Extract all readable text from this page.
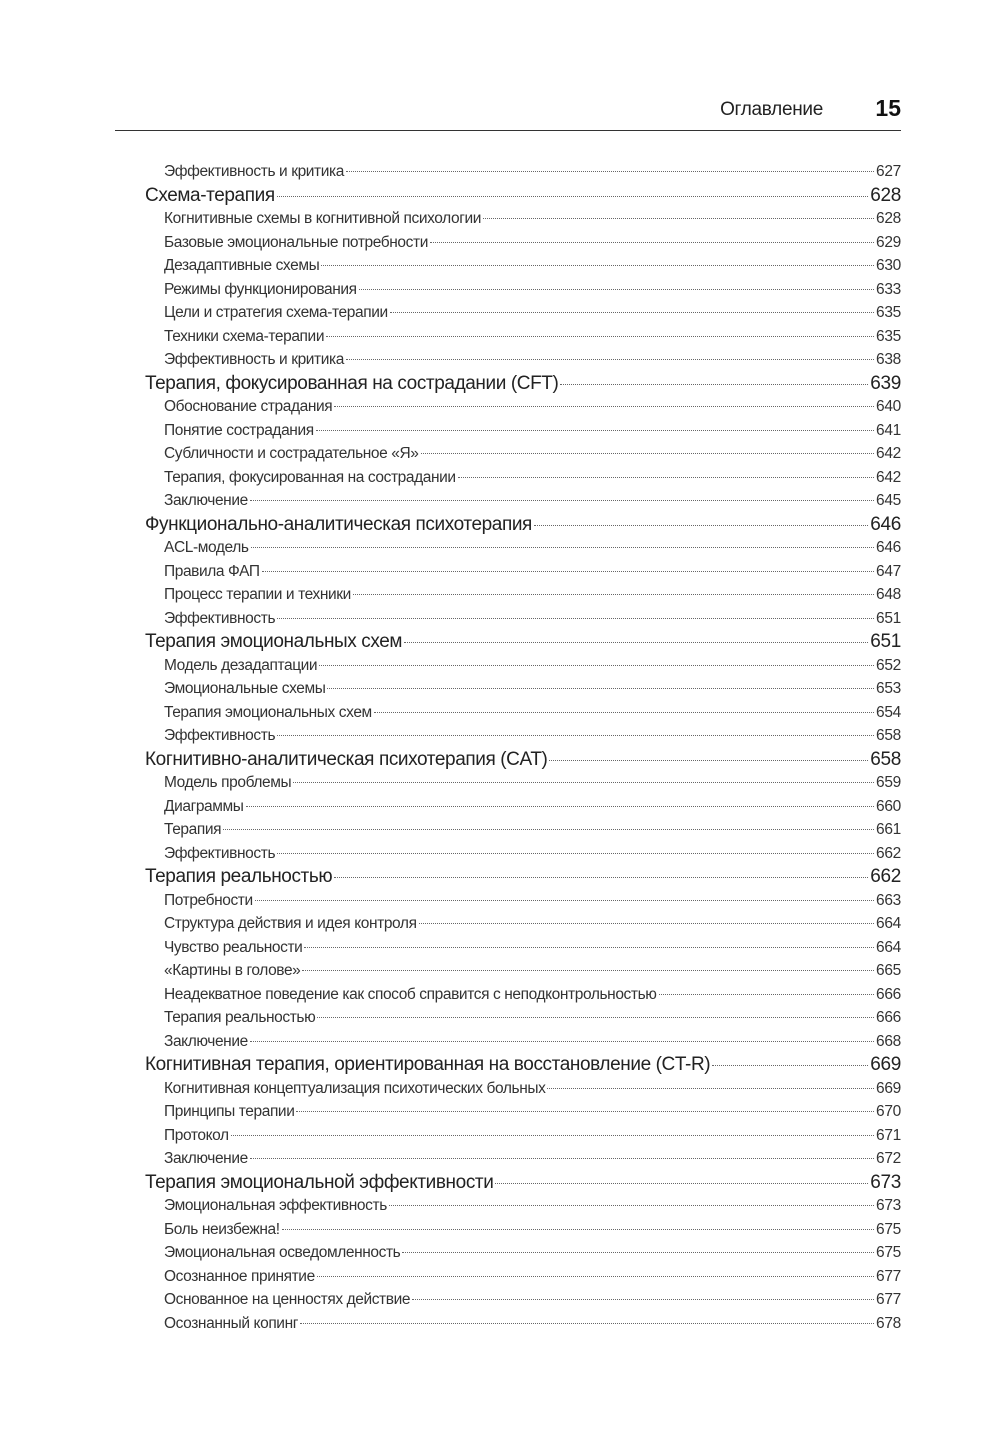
Оглавление 15
Эффективность и критика	627
Схема-терапия	628
Когнитивные схемы в когнитивной психологии	628
Базовые эмоциональные потребности	629
Дезадаптивные схемы	630
Режимы функционирования	633
Цели и стратегия схема-терапии	635
Техники схема-терапии	635
Эффективность и критика	638
Терапия, фокусированная на сострадании (CFT)	639
Обоснование страдания	640
Понятие сострадания	641
Субличности и сострадательное «Я»	642
Терапия, фокусированная на сострадании	642
Заключение	645
Функционально-аналитическая психотерапия	646
ACL-модель	646
Правила ФАП	647
Процесс терапии и техники	648
Эффективность	651
Терапия эмоциональных схем	651
Модель дезадаптации	652
Эмоциональные схемы	653
Терапия эмоциональных схем	654
Эффективность	658
Когнитивно-аналитическая психотерапия (CAT)	658
Модель проблемы	659
Диаграммы	660
Терапия	661
Эффективность	662
Терапия реальностью	662
Потребности	663
Структура действия и идея контроля	664
Чувство реальности	664
«Картины в голове»	665
Неадекватное поведение как способ справится с неподконтрольностью	666
Терапия реальностью	666
Заключение	668
Когнитивная терапия, ориентированная на восстановление (CT-R)	669
Когнитивная концептуализация психотических больных	669
Принципы терапии	670
Протокол	671
Заключение	672
Терапия эмоциональной эффективности	673
Эмоциональная эффективность	673
Боль неизбежна!	675
Эмоциональная осведомленность	675
Осознанное принятие	677
Основанное на ценностях действие	677
Осознанный копинг	678
